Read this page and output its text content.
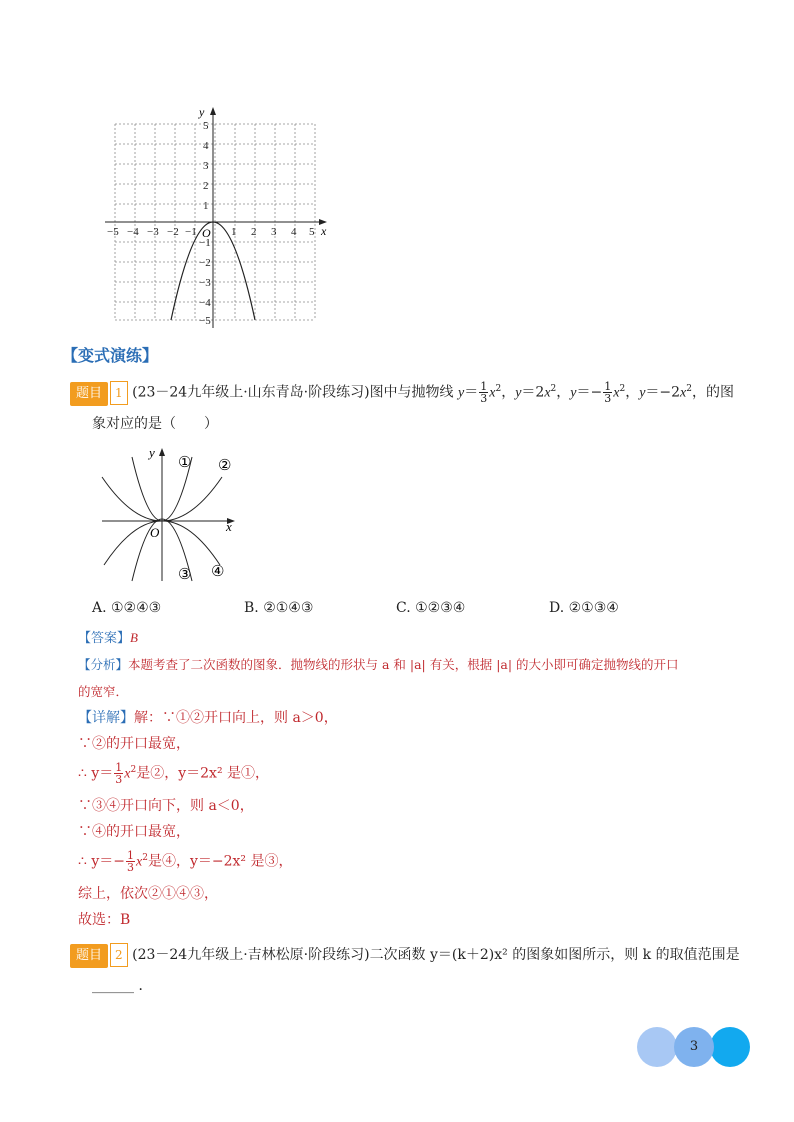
y
x
O
−5 −4 −3 −2 −1	1 2 3 4 5
5
4
3
2
1
−1
−2
−3
−4
−5
【变式演练】
题目 1 (23－24九年级上·山东青岛·阶段练习)图中与抛物线 $y= \frac{1}{3} x^2$，$y=2x^2$，$y=- \frac{1}{3} x^2$，$y=-2x^2$，的图
象对应的是（　　）
y
x
O
① ②
③ ④
A. ①②④③	B. ②①④③	C. ①②③④	D. ②①③④
【答案】B
【分析】本题考查了二次函数的图象．抛物线的形状与 a 和 |a| 有关，根据 |a| 的大小即可确定抛物线的开口
的宽窄．
【详解】解：∵①②开口向上，则 a＞0，
∵②的开口最宽，
∴ $y= \frac{1}{3} x^2$是②，y＝2x² 是①，
∵③④开口向下，则 a＜0，
∵④的开口最宽，
∴ $y=- \frac{1}{3} x^2$是④，y＝−2x² 是③，
综上，依次②①④③，
故选：B
题目 2 (23－24九年级上·吉林松原·阶段练习)二次函数 y＝(k＋2)x² 的图象如图所示，则 k 的取值范围是
______ ．
3
